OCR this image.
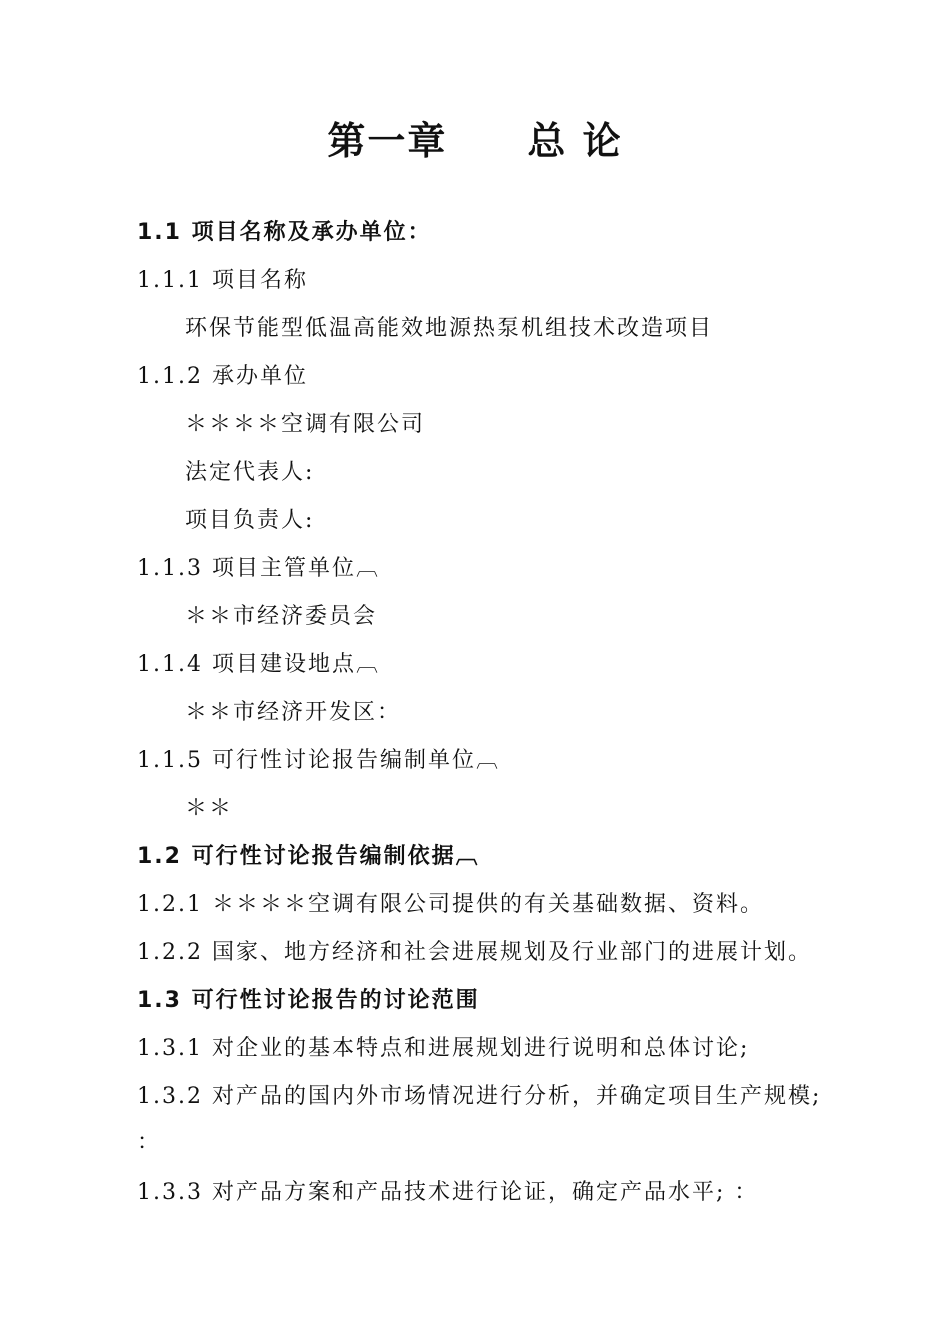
第一章 总 论
1.1 项目名称及承办单位：
1.1.1 项目名称
环保节能型低温高能效地源热泵机组技术改造项目
1.1.2 承办单位
＊＊＊＊空调有限公司
法定代表人:
项目负责人:
1.1.3 项目主管单位︹
＊＊市经济委员会
1.1.4 项目建设地点︹
＊＊市经济开发区：
1.1.5 可行性讨论报告编制单位︹
＊＊
1.2 可行性讨论报告编制依据︹
1.2.1 ＊＊＊＊空调有限公司提供的有关基础数据、资料。
1.2.2 国家、地方经济和社会进展规划及行业部门的进展计划。
1.3 可行性讨论报告的讨论范围
1.3.1 对企业的基本特点和进展规划进行说明和总体讨论;
1.3.2 对产品的国内外市场情况进行分析，并确定项目生产规模;
：
1.3.3 对产品方案和产品技术进行论证，确定产品水平; ：
